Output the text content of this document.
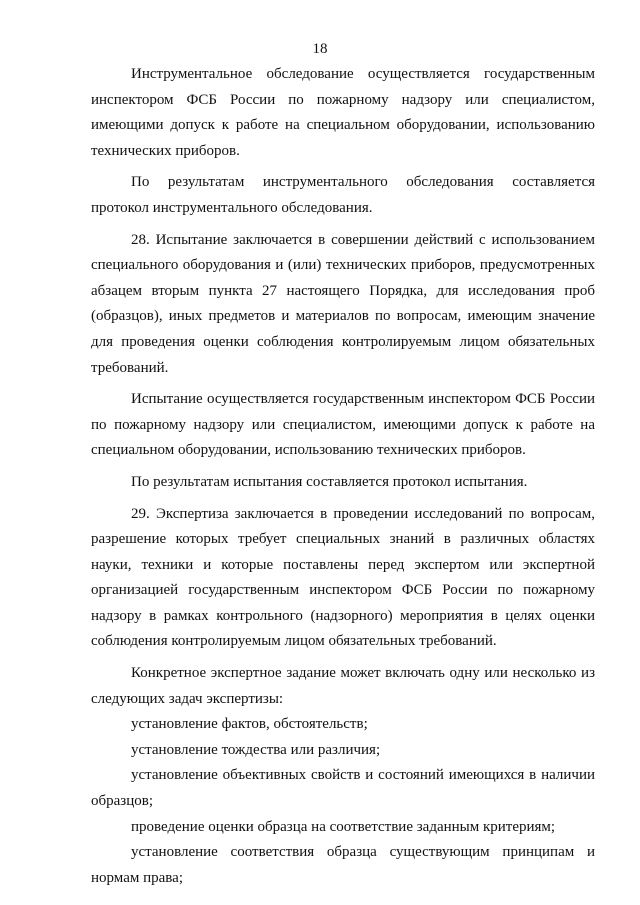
18

Инструментальное обследование осуществляется государственным инспектором ФСБ России по пожарному надзору или специалистом, имеющими допуск к работе на специальном оборудовании, использованию технических приборов.

По результатам инструментального обследования составляется протокол инструментального обследования.

28. Испытание заключается в совершении действий с использованием специального оборудования и (или) технических приборов, предусмотренных абзацем вторым пункта 27 настоящего Порядка, для исследования проб (образцов), иных предметов и материалов по вопросам, имеющим значение для проведения оценки соблюдения контролируемым лицом обязательных требований.

Испытание осуществляется государственным инспектором ФСБ России по пожарному надзору или специалистом, имеющими допуск к работе на специальном оборудовании, использованию технических приборов.

По результатам испытания составляется протокол испытания.

29. Экспертиза заключается в проведении исследований по вопросам, разрешение которых требует специальных знаний в различных областях науки, техники и которые поставлены перед экспертом или экспертной организацией государственным инспектором ФСБ России по пожарному надзору в рамках контрольного (надзорного) мероприятия в целях оценки соблюдения контролируемым лицом обязательных требований.

Конкретное экспертное задание может включать одну или несколько из следующих задач экспертизы:

установление фактов, обстоятельств;

установление тождества или различия;

установление объективных свойств и состояний имеющихся в наличии образцов;

проведение оценки образца на соответствие заданным критериям;

установление соответствия образца существующим принципам и нормам права;
